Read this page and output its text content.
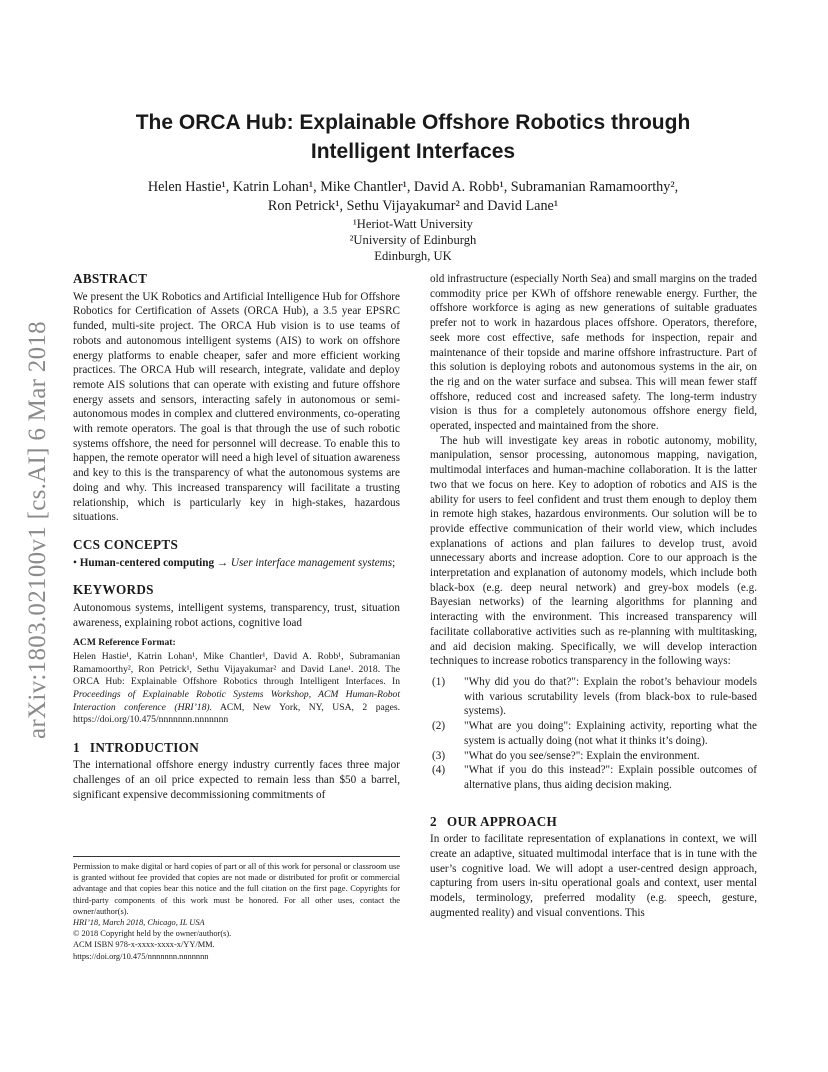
arXiv:1803.02100v1 [cs.AI] 6 Mar 2018
The ORCA Hub: Explainable Offshore Robotics through Intelligent Interfaces
Helen Hastie¹, Katrin Lohan¹, Mike Chantler¹, David A. Robb¹, Subramanian Ramamoorthy²,
Ron Petrick¹, Sethu Vijayakumar² and David Lane¹
¹Heriot-Watt University
²University of Edinburgh
Edinburgh, UK
ABSTRACT

We present the UK Robotics and Artificial Intelligence Hub for Offshore Robotics for Certification of Assets (ORCA Hub), a 3.5 year EPSRC funded, multi-site project. The ORCA Hub vision is to use teams of robots and autonomous intelligent systems (AIS) to work on offshore energy platforms to enable cheaper, safer and more efficient working practices. The ORCA Hub will research, integrate, validate and deploy remote AIS solutions that can operate with existing and future offshore energy assets and sensors, interacting safely in autonomous or semi-autonomous modes in complex and cluttered environments, co-operating with remote operators. The goal is that through the use of such robotic systems offshore, the need for personnel will decrease. To enable this to happen, the remote operator will need a high level of situation awareness and key to this is the transparency of what the autonomous systems are doing and why. This increased transparency will facilitate a trusting relationship, which is particularly key in high-stakes, hazardous situations.

CCS CONCEPTS

• Human-centered computing → User interface management systems;

KEYWORDS

Autonomous systems, intelligent systems, transparency, trust, situation awareness, explaining robot actions, cognitive load

ACM Reference Format:

Helen Hastie¹, Katrin Lohan¹, Mike Chantler¹, David A. Robb¹, Subramanian Ramamoorthy², Ron Petrick¹, Sethu Vijayakumar² and David Lane¹. 2018. The ORCA Hub: Explainable Offshore Robotics through Intelligent Interfaces. In Proceedings of Explainable Robotic Systems Workshop, ACM Human-Robot Interaction conference (HRI’18). ACM, New York, NY, USA, 2 pages. https://doi.org/10.475/nnnnnnn.nnnnnnn

1 INTRODUCTION

The international offshore energy industry currently faces three major challenges of an oil price expected to remain less than $50 a barrel, significant expensive decommissioning commitments of

Permission to make digital or hard copies of part or all of this work for personal or classroom use is granted without fee provided that copies are not made or distributed for profit or commercial advantage and that copies bear this notice and the full citation on the first page. Copyrights for third-party components of this work must be honored. For all other uses, contact the owner/author(s).

HRI’18, March 2018, Chicago, IL USA
© 2018 Copyright held by the owner/author(s).
ACM ISBN 978-x-xxxx-xxxx-x/YY/MM.
https://doi.org/10.475/nnnnnnn.nnnnnnn

old infrastructure (especially North Sea) and small margins on the traded commodity price per KWh of offshore renewable energy. Further, the offshore workforce is aging as new generations of suitable graduates prefer not to work in hazardous places offshore. Operators, therefore, seek more cost effective, safe methods for inspection, repair and maintenance of their topside and marine offshore infrastructure. Part of this solution is deploying robots and autonomous systems in the air, on the rig and on the water surface and subsea. This will mean fewer staff offshore, reduced cost and increased safety. The long-term industry vision is thus for a completely autonomous offshore energy field, operated, inspected and maintained from the shore.

The hub will investigate key areas in robotic autonomy, mobility, manipulation, sensor processing, autonomous mapping, navigation, multimodal interfaces and human-machine collaboration. It is the latter two that we focus on here. Key to adoption of robotics and AIS is the ability for users to feel confident and trust them enough to deploy them in remote high stakes, hazardous environments. Our solution will be to provide effective communication of their world view, which includes explanations of actions and plan failures to develop trust, avoid unnecessary aborts and increase adoption. Core to our approach is the interpretation and explanation of autonomy models, which include both black-box (e.g. deep neural network) and grey-box models (e.g. Bayesian networks) of the learning algorithms for planning and interacting with the environment. This increased transparency will facilitate collaborative activities such as re-planning with multitasking, and aid decision making. Specifically, we will develop interaction techniques to increase robotics transparency in the following ways:

(1) "Why did you do that?": Explain the robot’s behaviour models with various scrutability levels (from black-box to rule-based systems).
(2) "What are you doing": Explaining activity, reporting what the system is actually doing (not what it thinks it’s doing).
(3) "What do you see/sense?": Explain the environment.
(4) "What if you do this instead?": Explain possible outcomes of alternative plans, thus aiding decision making.
2 OUR APPROACH

In order to facilitate representation of explanations in context, we will create an adaptive, situated multimodal interface that is in tune with the user’s cognitive load. We will adopt a user-centred design approach, capturing from users in-situ operational goals and context, user mental models, terminology, preferred modality (e.g. speech, gesture, augmented reality) and visual conventions. This
